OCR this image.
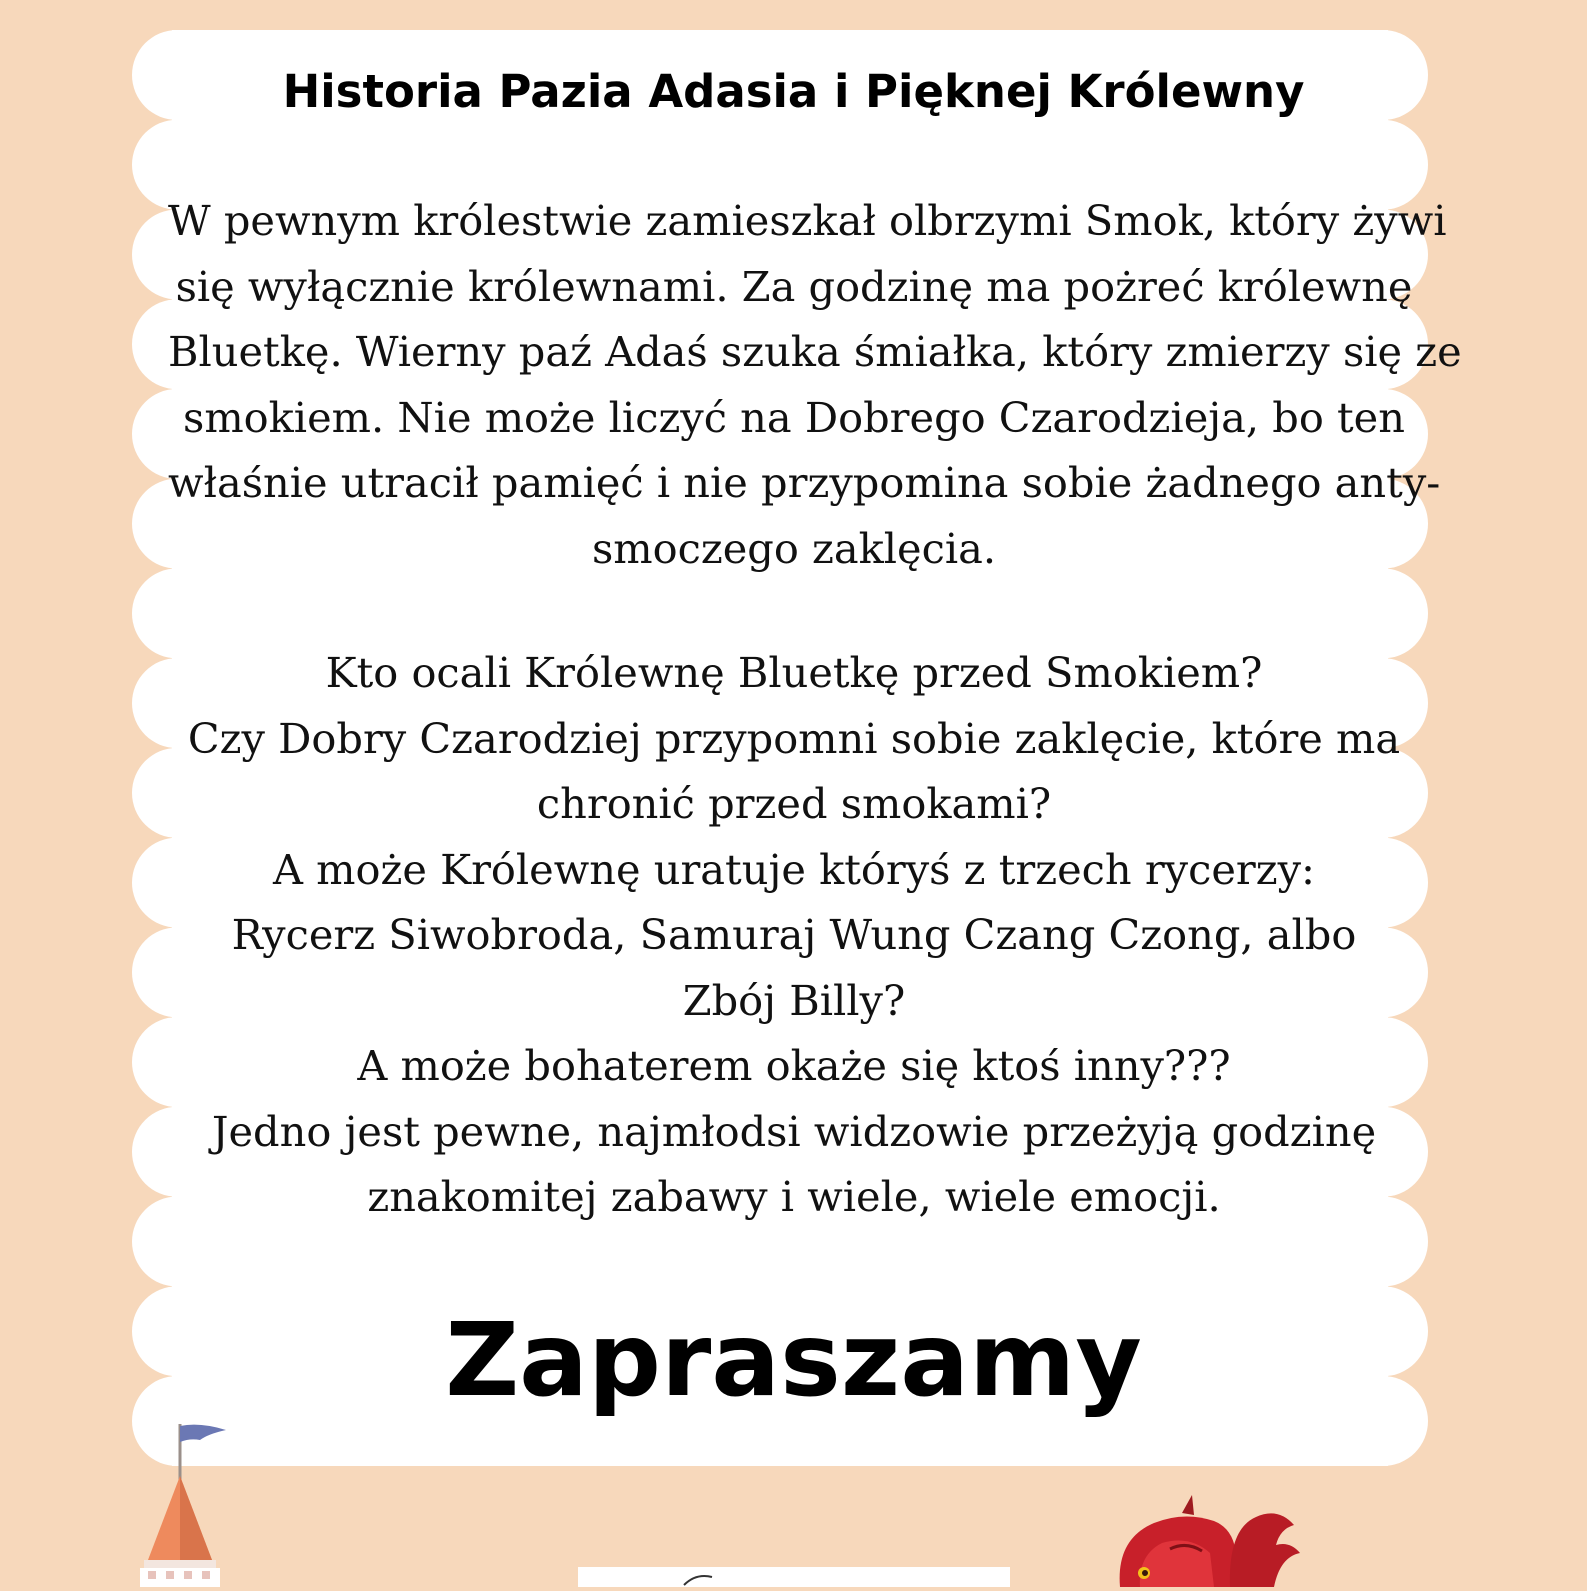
Historia Pazia Adasia i Pięknej Królewny

W pewnym królestwie zamieszkał olbrzymi Smok, który żywi
się wyłącznie królewnami. Za godzinę ma pożreć królewnę
Bluetkę. Wierny paź Adaś szuka śmiałka, który zmierzy się ze
smokiem. Nie może liczyć na Dobrego Czarodzieja, bo ten
właśnie utracił pamięć i nie przypomina sobie żadnego anty-
smoczego zaklęcia.

Kto ocali Królewnę Bluetkę przed Smokiem?
Czy Dobry Czarodziej przypomni sobie zaklęcie, które ma
chronić przed smokami?
A może Królewnę uratuje któryś z trzech rycerzy:
Rycerz Siwobroda, Samuraj Wung Czang Czong, albo
Zbój Billy?
A może bohaterem okaże się ktoś inny???
Jedno jest pewne, najmłodsi widzowie przeżyją godzinę
znakomitej zabawy i wiele, wiele emocji.

Zapraszamy
